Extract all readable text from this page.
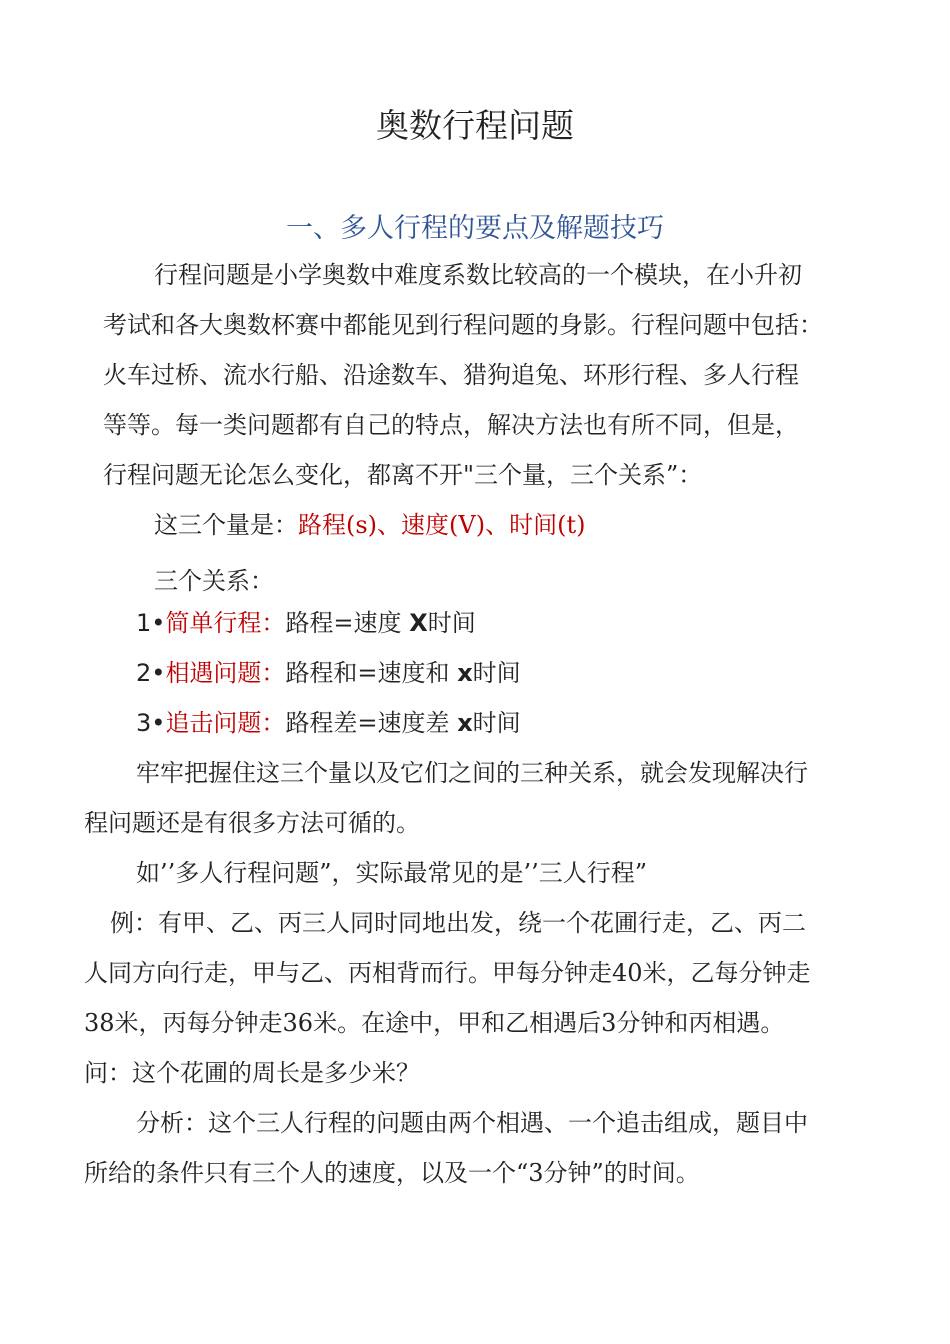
奥数行程问题
一、多人行程的要点及解题技巧
行程问题是小学奥数中难度系数比较高的一个模块，在小升初
考试和各大奥数杯赛中都能见到行程问题的身影。行程问题中包括：
火车过桥、流水行船、沿途数车、猎狗追兔、环形行程、多人行程
等等。每一类问题都有自己的特点，解决方法也有所不同，但是，
行程问题无论怎么变化，都离不开"三个量，三个关系”：
这三个量是：路程(s)、速度(V)、时间(t)
三个关系：
1•简单行程：路程=速度 X时间
2•相遇问题：路程和=速度和 x时间
3•追击问题：路程差=速度差 x时间
牢牢把握住这三个量以及它们之间的三种关系，就会发现解决行
程问题还是有很多方法可循的。
如’’多人行程问题”，实际最常见的是’’三人行程”
例：有甲、乙、丙三人同时同地出发，绕一个花圃行走，乙、丙二
人同方向行走，甲与乙、丙相背而行。甲每分钟走40米，乙每分钟走
38米，丙每分钟走36米。在途中，甲和乙相遇后3分钟和丙相遇。
问：这个花圃的周长是多少米？
分析：这个三人行程的问题由两个相遇、一个追击组成，题目中
所给的条件只有三个人的速度，以及一个“3分钟”的时间。
